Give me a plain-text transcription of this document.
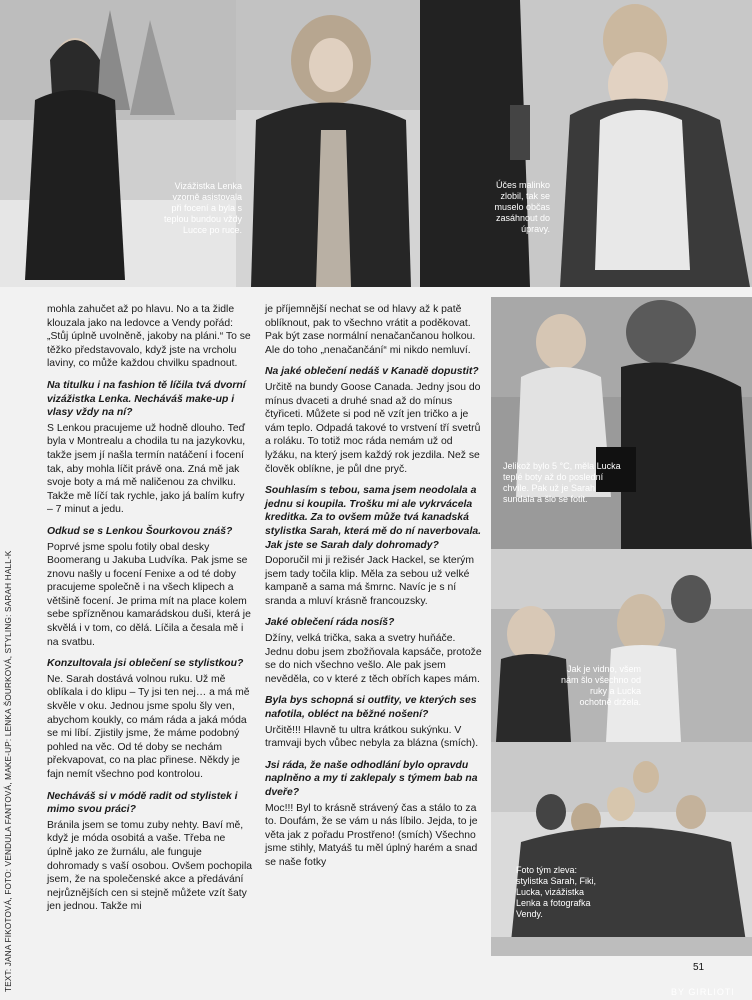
Vizážistka Lenka vzorně asistovala při focení a byla s teplou bundou vždy Lucce po ruce.
Účes malinko zlobil, tak se muselo občas zasáhnout do úpravy.
Jelikož bylo 5 °C, měla Lucka teplé boty až do poslední chvíle. Pak už je Sarah sundala a šlo se fotit.
Jak je vidno, všem nám šlo všechno od ruky a Lucka ochotně držela.
Foto tým zleva: stylistka Sarah, Fiki, Lucka, vizážistka Lenka a fotografka Vendy.

mohla zahučet až po hlavu. No a ta židle klouzala jako na ledovce a Vendy pořád: „Stůj úplně uvolněně, jakoby na pláni.“ To se těžko představovalo, když jste na vrcholu laviny, co může každou chvilku spadnout.

Na titulku i na fashion tě líčila tvá dvorní vizážistka Lenka. Necháváš make-up i vlasy vždy na ní?

S Lenkou pracujeme už hodně dlouho. Teď byla v Montrealu a chodila tu na jazykovku, takže jsem jí našla termín natáčení i focení tak, aby mohla líčit právě ona. Zná mě jak svoje boty a má mě naličenou za chvilku. Takže mě líčí tak rychle, jako já balím kufry – 7 minut a jedu.

Odkud se s Lenkou Šourkovou znáš?

Poprvé jsme spolu fotily obal desky Boomerang u Jakuba Ludvíka. Pak jsme se znovu našly u focení Fenixe a od té doby pracujeme společně i na všech klipech a většině focení. Je prima mít na place kolem sebe spřízněnou kamarádskou duši, která je skvělá i v tom, co dělá. Líčila a česala mě i na svatbu.

Konzultovala jsi oblečení se stylistkou?

Ne. Sarah dostává volnou ruku. Už mě oblíkala i do klipu – Ty jsi ten nej… a má mě skvěle v oku. Jednou jsme spolu šly ven, abychom koukly, co mám ráda a jaká móda se mi líbí. Zjistily jsme, že máme podobný pohled na věc. Od té doby se nechám překvapovat, co na plac přinese. Někdy je fajn nemít všechno pod kontrolou.

Necháváš si v módě radit od stylistek i mimo svou práci?

Bránila jsem se tomu zuby nehty. Baví mě, když je móda osobitá a vaše. Třeba ne úplně jako ze žurnálu, ale funguje dohromady s vaší osobou. Ovšem pochopila jsem, že na společenské akce a předávání nejrůznějších cen si stejně můžete vzít šaty jen jednou. Takže mi

je příjemnější nechat se od hlavy až k patě oblíknout, pak to všechno vrátit a poděkovat. Pak být zase normální nenačančanou holkou. Ale do toho „nenačančání“ mi nikdo nemluví.

Na jaké oblečení nedáš v Kanadě dopustit?

Určitě na bundy Goose Canada. Jedny jsou do mínus dvaceti a druhé snad až do mínus čtyřiceti. Můžete si pod ně vzít jen tričko a je vám teplo. Odpadá takové to vrstvení tří svetrů a roláku. To totiž moc ráda nemám už od lyžáku, na který jsem každý rok jezdila. Než se člověk oblíkne, je půl dne pryč.

Souhlasím s tebou, sama jsem neodolala a jednu si koupila. Trošku mi ale vykrvácela kreditka. Za to ovšem může tvá kanadská stylistka Sarah, která mě do ní naverbovala. Jak jste se Sarah daly dohromady?

Doporučil mi ji režisér Jack Hackel, se kterým jsem tady točila klip. Měla za sebou už velké kampaně a sama má šmrnc. Navíc je s ní sranda a mluví krásně francouzsky.

Jaké oblečení ráda nosíš?

Džíny, velká trička, saka a svetry huňáče. Jednu dobu jsem zbožňovala kapsáče, protože se do nich všechno vešlo. Ale pak jsem nevěděla, co v které z těch obřích kapes mám.

Byla bys schopná si outfity, ve kterých ses nafotila, obléct na běžné nošení?

Určitě!!! Hlavně tu ultra krátkou sukýnku. V tramvaji bych vůbec nebyla za blázna (smích).

Jsi ráda, že naše odhodlání bylo opravdu naplněno a my ti zaklepaly s týmem bab na dveře?

Moc!!! Byl to krásně strávený čas a stálo to za to. Doufám, že se vám u nás líbilo. Jejda, to je věta jak z pořadu Prostřeno! (smích) Všechno jsme stihly, Matyáš tu měl úplný harém a snad se naše fotky

TEXT: JANA FIKOTOVÁ, FOTO: VENDULA FANTOVÁ, MAKE-UP: LENKA ŠOURKOVÁ, STYLING: SARAH HALL-K	51
BY GIRLIOTI
